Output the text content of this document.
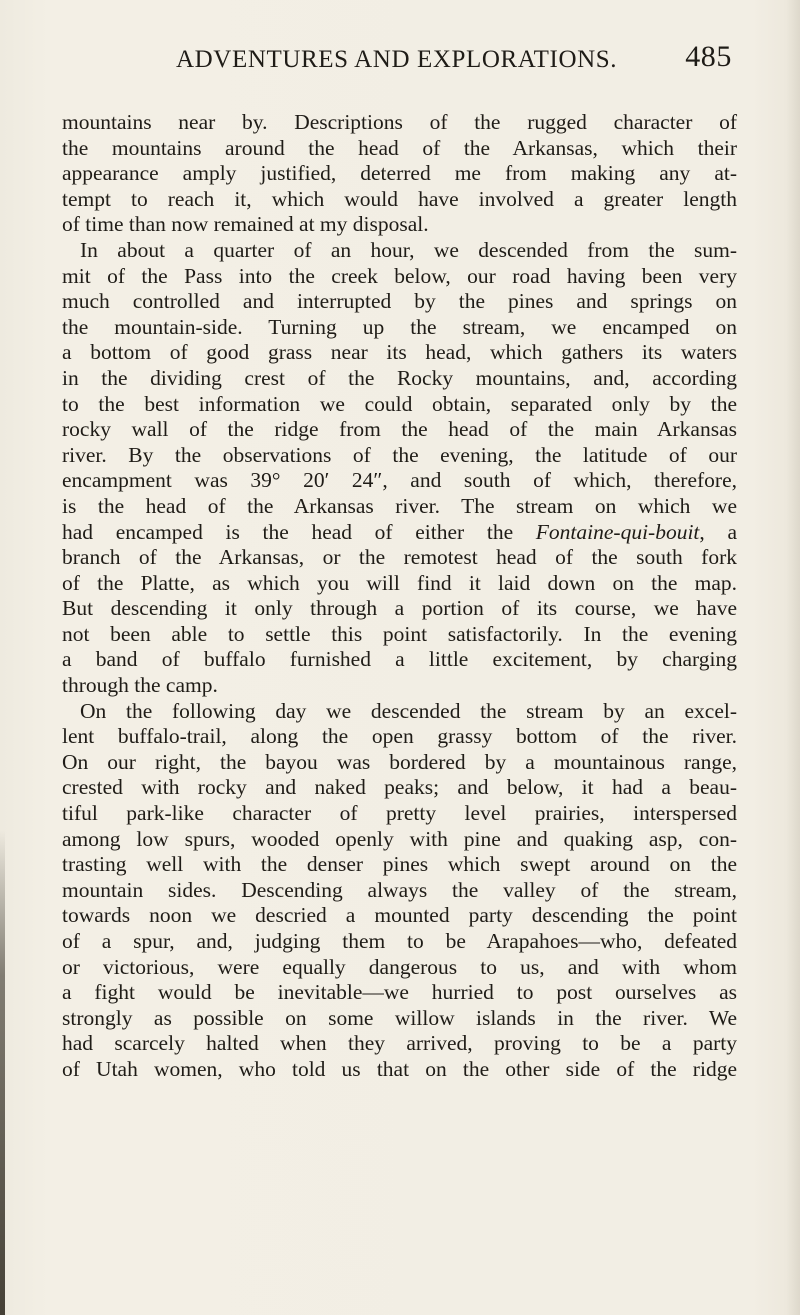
ADVENTURES AND EXPLORATIONS. 485
mountains near by. Descriptions of the rugged character of
the mountains around the head of the Arkansas, which their
appearance amply justified, deterred me from making any at-
tempt to reach it, which would have involved a greater length
of time than now remained at my disposal.
In about a quarter of an hour, we descended from the sum-
mit of the Pass into the creek below, our road having been very
much controlled and interrupted by the pines and springs on
the mountain-side. Turning up the stream, we encamped on
a bottom of good grass near its head, which gathers its waters
in the dividing crest of the Rocky mountains, and, according
to the best information we could obtain, separated only by the
rocky wall of the ridge from the head of the main Arkansas
river. By the observations of the evening, the latitude of our
encampment was 39° 20′ 24″, and south of which, therefore,
is the head of the Arkansas river. The stream on which we
had encamped is the head of either the Fontaine-qui-bouit, a
branch of the Arkansas, or the remotest head of the south fork
of the Platte, as which you will find it laid down on the map.
But descending it only through a portion of its course, we have
not been able to settle this point satisfactorily. In the evening
a band of buffalo furnished a little excitement, by charging
through the camp.
On the following day we descended the stream by an excel-
lent buffalo-trail, along the open grassy bottom of the river.
On our right, the bayou was bordered by a mountainous range,
crested with rocky and naked peaks; and below, it had a beau-
tiful park-like character of pretty level prairies, interspersed
among low spurs, wooded openly with pine and quaking asp, con-
trasting well with the denser pines which swept around on the
mountain sides. Descending always the valley of the stream,
towards noon we descried a mounted party descending the point
of a spur, and, judging them to be Arapahoes—who, defeated
or victorious, were equally dangerous to us, and with whom
a fight would be inevitable—we hurried to post ourselves as
strongly as possible on some willow islands in the river. We
had scarcely halted when they arrived, proving to be a party
of Utah women, who told us that on the other side of the ridge
